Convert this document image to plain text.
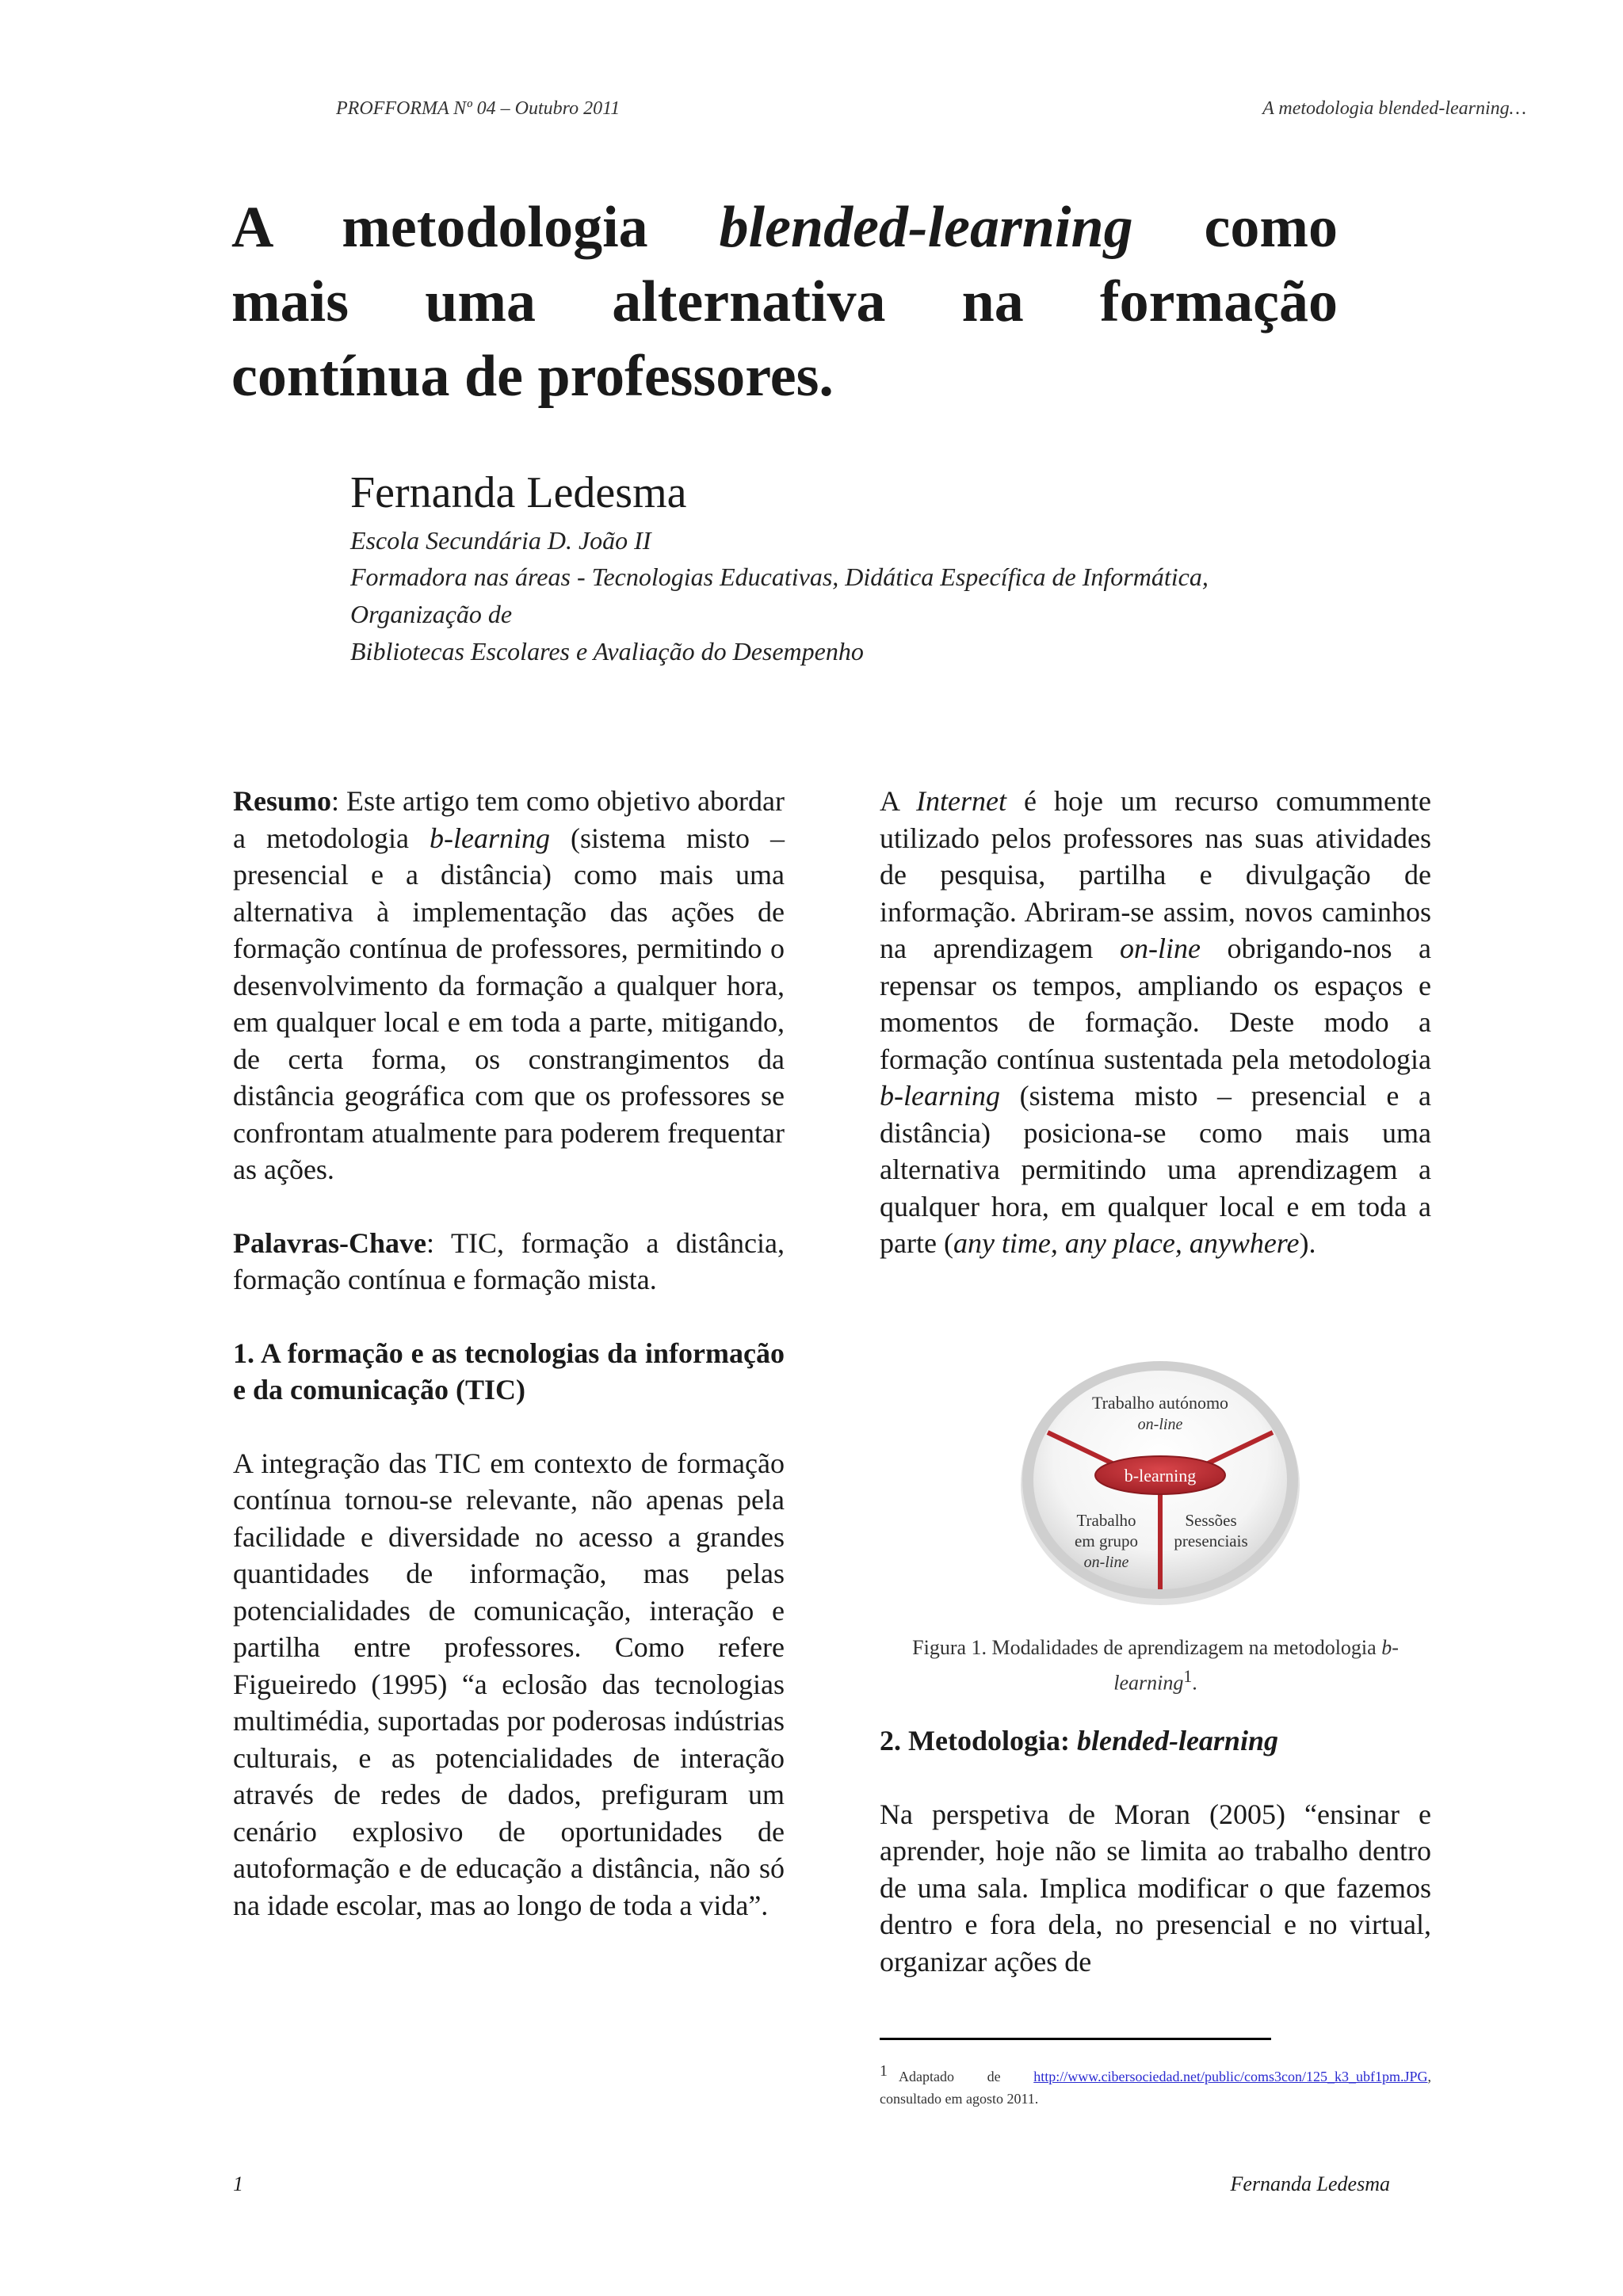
PROFFORMA Nº 04 – Outubro 2011	A metodologia blended-learning…
A metodologia blended-learning como
mais uma alternativa na formação
contínua de professores.
Fernanda Ledesma
Escola Secundária D. João II
Formadora nas áreas - Tecnologias Educativas, Didática Específica de Informática,
Organização de
Bibliotecas Escolares e Avaliação do Desempenho

Resumo: Este artigo tem como objetivo abordar a metodologia b-learning (sistema misto – presencial e a distância) como mais uma alternativa à implementação das ações de formação contínua de professores, permitindo o desenvolvimento da formação a qualquer hora, em qualquer local e em toda a parte, mitigando, de certa forma, os constrangimentos da distância geográfica com que os professores se confrontam atualmente para poderem frequentar as ações.

Palavras-Chave: TIC, formação a distância, formação contínua e formação mista.

1. A formação e as tecnologias da informação e da comunicação (TIC)

A integração das TIC em contexto de formação contínua tornou-se relevante, não apenas pela facilidade e diversidade no acesso a grandes quantidades de informação, mas pelas potencialidades de comunicação, interação e partilha entre professores. Como refere Figueiredo (1995) “a eclosão das tecnologias multimédia, suportadas por poderosas indústrias culturais, e as potencialidades de interação através de redes de dados, prefiguram um cenário explosivo de oportunidades de autoformação e de educação a distância, não só na idade escolar, mas ao longo de toda a vida”.

A Internet é hoje um recurso comummente utilizado pelos professores nas suas atividades de pesquisa, partilha e divulgação de informação. Abriram-se assim, novos caminhos na aprendizagem on-line obrigando-nos a repensar os tempos, ampliando os espaços e momentos de formação. Deste modo a formação contínua sustentada pela metodologia b-learning (sistema misto – presencial e a distância) posiciona-se como mais uma alternativa permitindo uma aprendizagem a qualquer hora, em qualquer local e em toda a parte (any time, any place, anywhere).

b-learning
Trabalho autónomo
on-line
Trabalho
em grupo
on-line
Sessões
presenciais
Figura 1. Modalidades de aprendizagem na metodologia b-learning$^1$.

2. Metodologia: blended-learning

Na perspetiva de Moran (2005) “ensinar e aprender, hoje não se limita ao trabalho dentro de uma sala. Implica modificar o que fazemos dentro e fora dela, no presencial e no virtual, organizar ações de

1 Adaptado de http://www.cibersociedad.net/public/coms3con/125_k3_ubf1pm.JPG, consultado em agosto 2011.
1	Fernanda Ledesma
